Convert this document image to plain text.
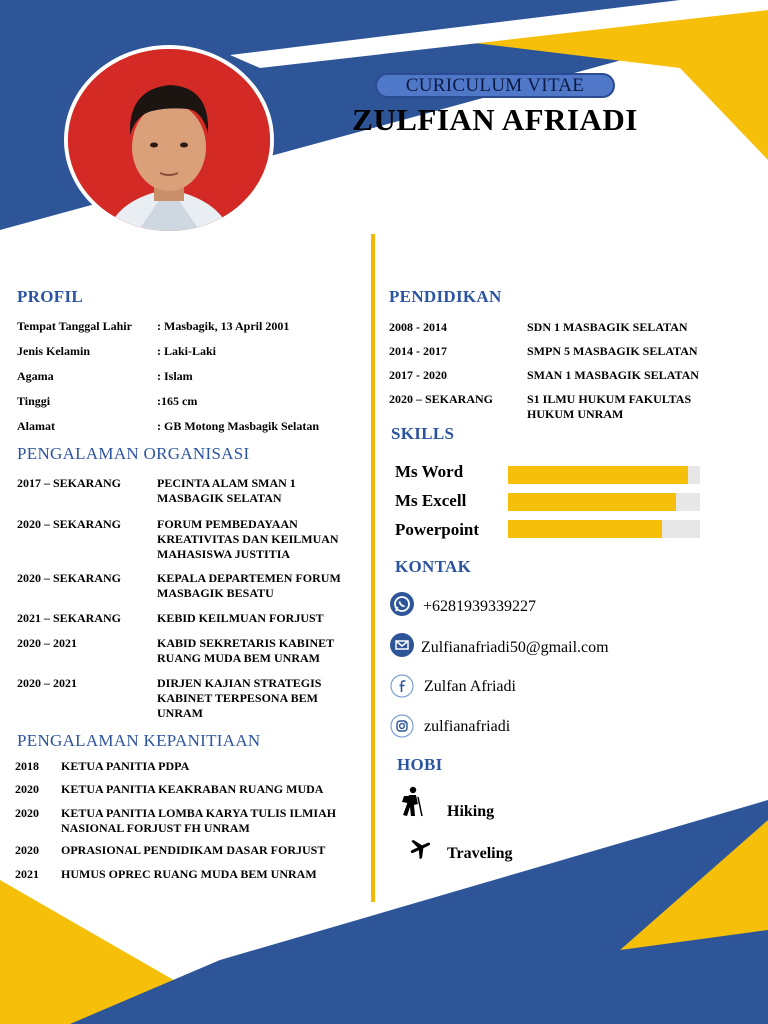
CURICULUM VITAE
ZULFIAN AFRIADI
PROFIL
Tempat Tanggal Lahir : Masbagik, 13 April 2001
Jenis Kelamin	: Laki-Laki
Agama	: Islam
Tinggi	:165 cm
Alamat	: GB Motong Masbagik Selatan
PENGALAMAN ORGANISASI
2017 – SEKARANG	PECINTA ALAM SMAN 1
MASBAGIK SELATAN
2020 – SEKARANG	FORUM PEMBEDAYAAN
KREATIVITAS DAN KEILMUAN
MAHASISWA JUSTITIA
2020 – SEKARANG	KEPALA DEPARTEMEN FORUM
MASBAGIK BESATU
2021 – SEKARANG	KEBID KEILMUAN FORJUST
2020 – 2021	KABID SEKRETARIS KABINET
RUANG MUDA BEM UNRAM
2020 – 2021	DIRJEN KAJIAN STRATEGIS
KABINET TERPESONA BEM
UNRAM
PENGALAMAN KEPANITIAAN
2018 KETUA PANITIA PDPA
2020 KETUA PANITIA KEAKRABAN RUANG MUDA
2020 KETUA PANITIA LOMBA KARYA TULIS ILMIAH
NASIONAL FORJUST FH UNRAM
2020 OPRASIONAL PENDIDIKAM DASAR FORJUST
2021 HUMUS OPREC RUANG MUDA BEM UNRAM
PENDIDIKAN
2008 - 2014	SDN 1 MASBAGIK SELATAN
2014 - 2017	SMPN 5 MASBAGIK SELATAN
2017 - 2020	SMAN 1 MASBAGIK SELATAN
2020 – SEKARANG	S1 ILMU HUKUM FAKULTAS
HUKUM UNRAM
SKILLS
Ms Word
Ms Excell
Powerpoint
KONTAK
+6281939339227
Zulfianafriadi50@gmail.com
Zulfan Afriadi
zulfianafriadi
HOBI
Hiking
Traveling
